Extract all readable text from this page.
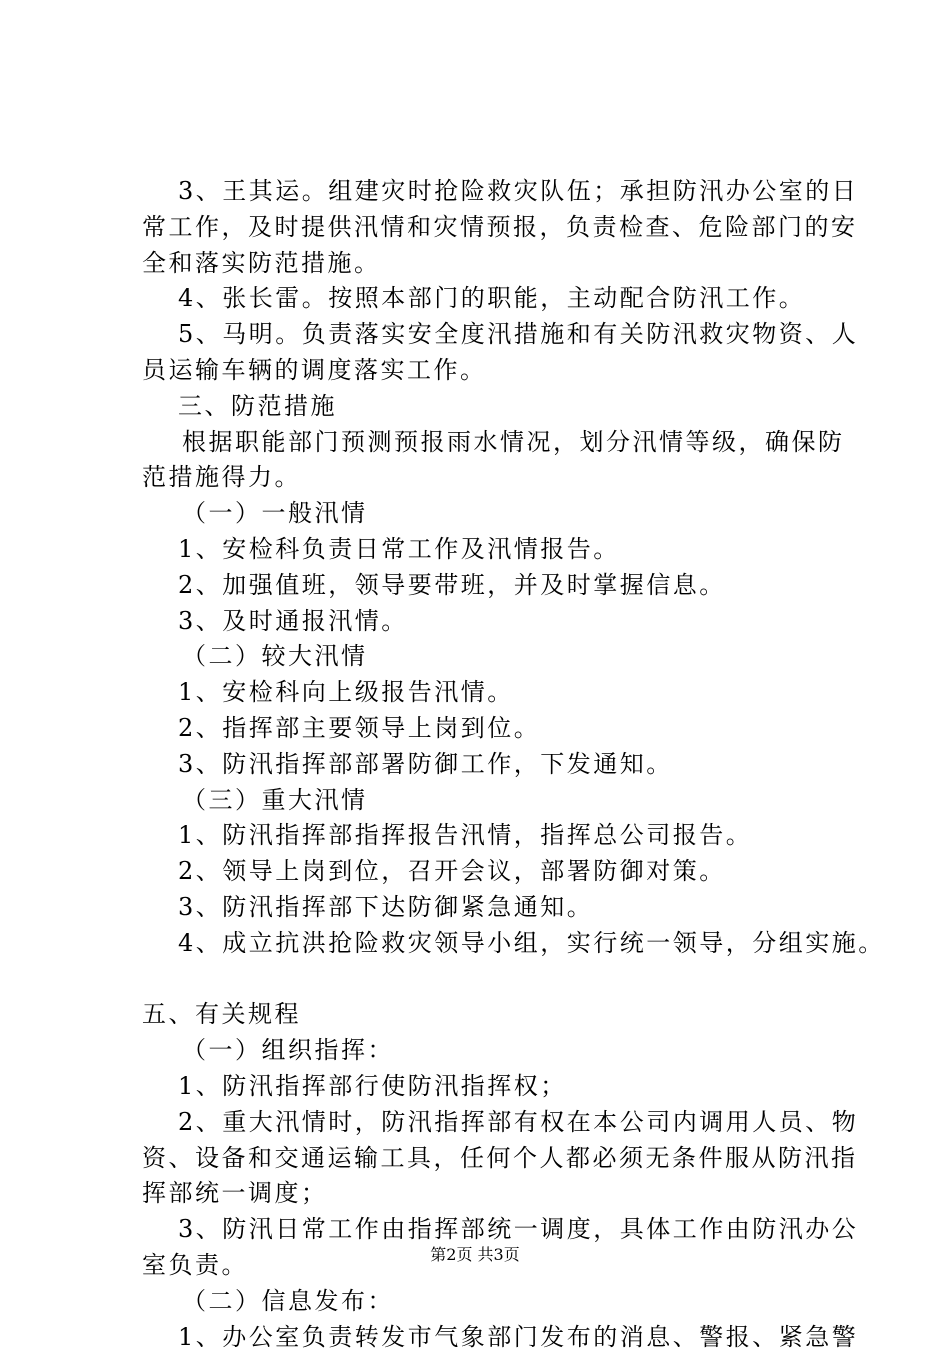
3、王其运。组建灾时抢险救灾队伍；承担防汛办公室的日
常工作，及时提供汛情和灾情预报，负责检查、危险部门的安
全和落实防范措施。
4、张长雷。按照本部门的职能，主动配合防汛工作。
5、马明。负责落实安全度汛措施和有关防汛救灾物资、人
员运输车辆的调度落实工作。
三、防范措施
根据职能部门预测预报雨水情况，划分汛情等级，确保防
范措施得力。
（一）一般汛情
1、安检科负责日常工作及汛情报告。
2、加强值班，领导要带班，并及时掌握信息。
3、及时通报汛情。
（二）较大汛情
1、安检科向上级报告汛情。
2、指挥部主要领导上岗到位。
3、防汛指挥部部署防御工作，下发通知。
（三）重大汛情
1、防汛指挥部指挥报告汛情，指挥总公司报告。
2、领导上岗到位，召开会议，部署防御对策。
3、防汛指挥部下达防御紧急通知。
4、成立抗洪抢险救灾领导小组，实行统一领导，分组实施。
五、有关规程
（一）组织指挥：
1、防汛指挥部行使防汛指挥权；
2、重大汛情时，防汛指挥部有权在本公司内调用人员、物
资、设备和交通运输工具，任何个人都必须无条件服从防汛指
挥部统一调度；
3、防汛日常工作由指挥部统一调度，具体工作由防汛办公
室负责。
（二）信息发布：
1、办公室负责转发市气象部门发布的消息、警报、紧急警
第2页 共3页
